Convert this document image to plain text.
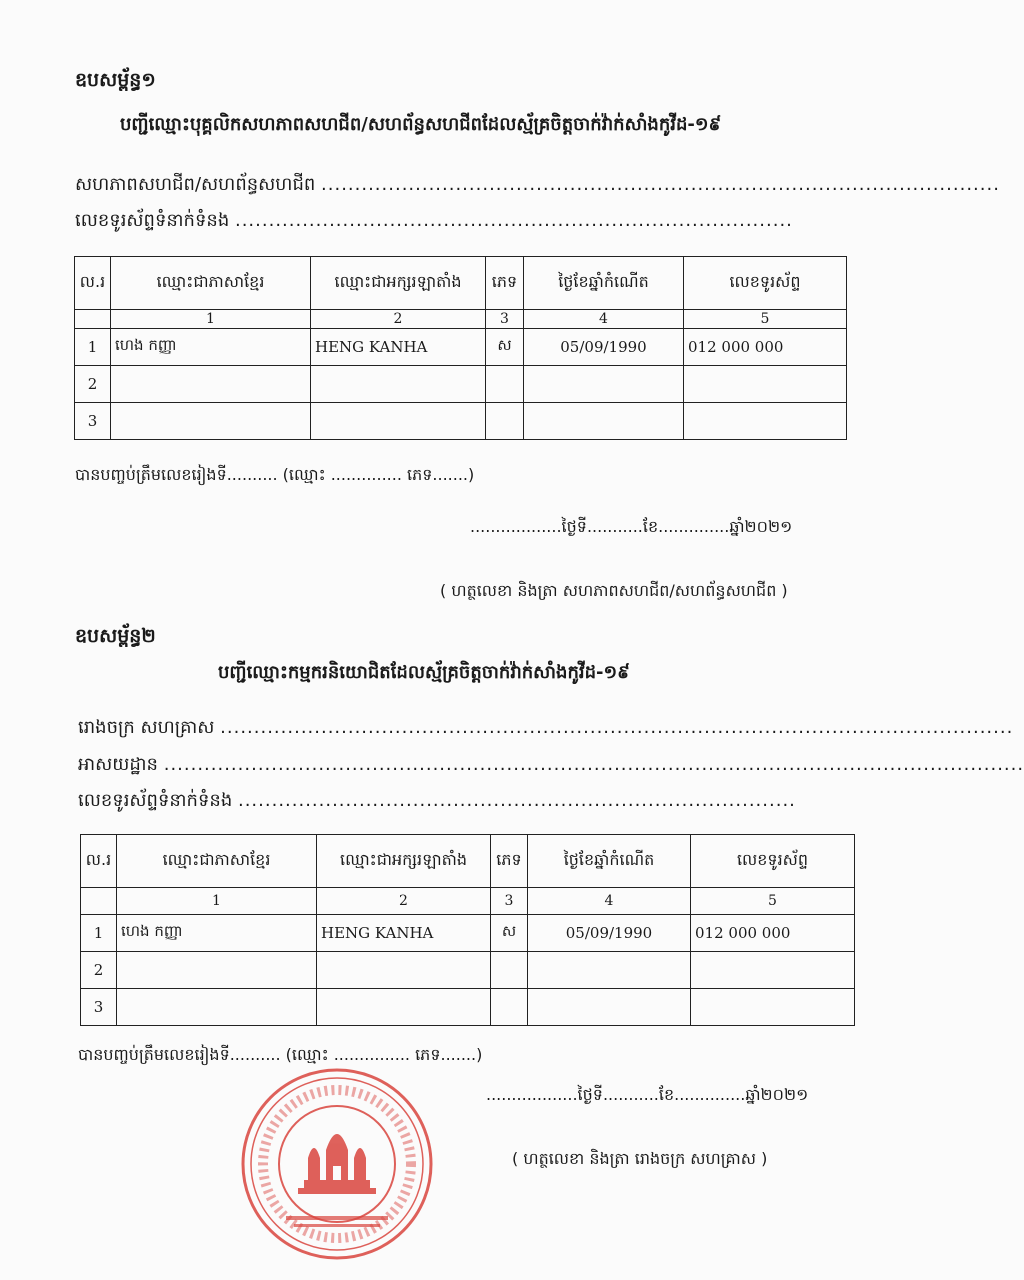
ឧបសម្ព័ន្ធ១
បញ្ជីឈ្មោះបុគ្គលិកសហភាពសហជីព/សហព័ន្ធសហជីពដែលស្ម័គ្រចិត្តចាក់វ៉ាក់សាំងកូវីដ-១៩
សហភាពសហជីព/សហព័ន្ធសហជីព .....................................................................................................
លេខទូរស័ព្ទទំនាក់ទំនង ...................................................................................
ល.រ	ឈ្មោះជាភាសាខ្មែរ	ឈ្មោះជាអក្សរឡាតាំង	ភេទ	ថ្ងៃខែឆ្នាំកំណើត	លេខទូរស័ព្ទ
	1	2	3	4	5
1	ហេង កញ្ញា	HENG KANHA	ស	05/09/1990	012 000 000
2					
3					
បានបញ្ចប់ត្រឹមលេខរៀងទី.......... (ឈ្មោះ .............. ភេទ.......)
..................ថ្ងៃទី...........ខែ..............ឆ្នាំ២០២១
( ហត្ថលេខា និងត្រា សហភាពសហជីព/សហព័ន្ធសហជីព )
ឧបសម្ព័ន្ធ២
បញ្ជីឈ្មោះកម្មករនិយោជិតដែលស្ម័គ្រចិត្តចាក់វ៉ាក់សាំងកូវីដ-១៩
រោងចក្រ សហគ្រាស ......................................................................................................................
អាសយដ្ឋាន ................................................................................................................................
លេខទូរស័ព្ទទំនាក់ទំនង ...................................................................................
ល.រ	ឈ្មោះជាភាសាខ្មែរ	ឈ្មោះជាអក្សរឡាតាំង	ភេទ	ថ្ងៃខែឆ្នាំកំណើត	លេខទូរស័ព្ទ
	1	2	3	4	5
1	ហេង កញ្ញា	HENG KANHA	ស	05/09/1990	012 000 000
2					
3					
បានបញ្ចប់ត្រឹមលេខរៀងទី.......... (ឈ្មោះ ............... ភេទ.......)
..................ថ្ងៃទី...........ខែ..............ឆ្នាំ២០២១
( ហត្ថលេខា និងត្រា រោងចក្រ សហគ្រាស )
